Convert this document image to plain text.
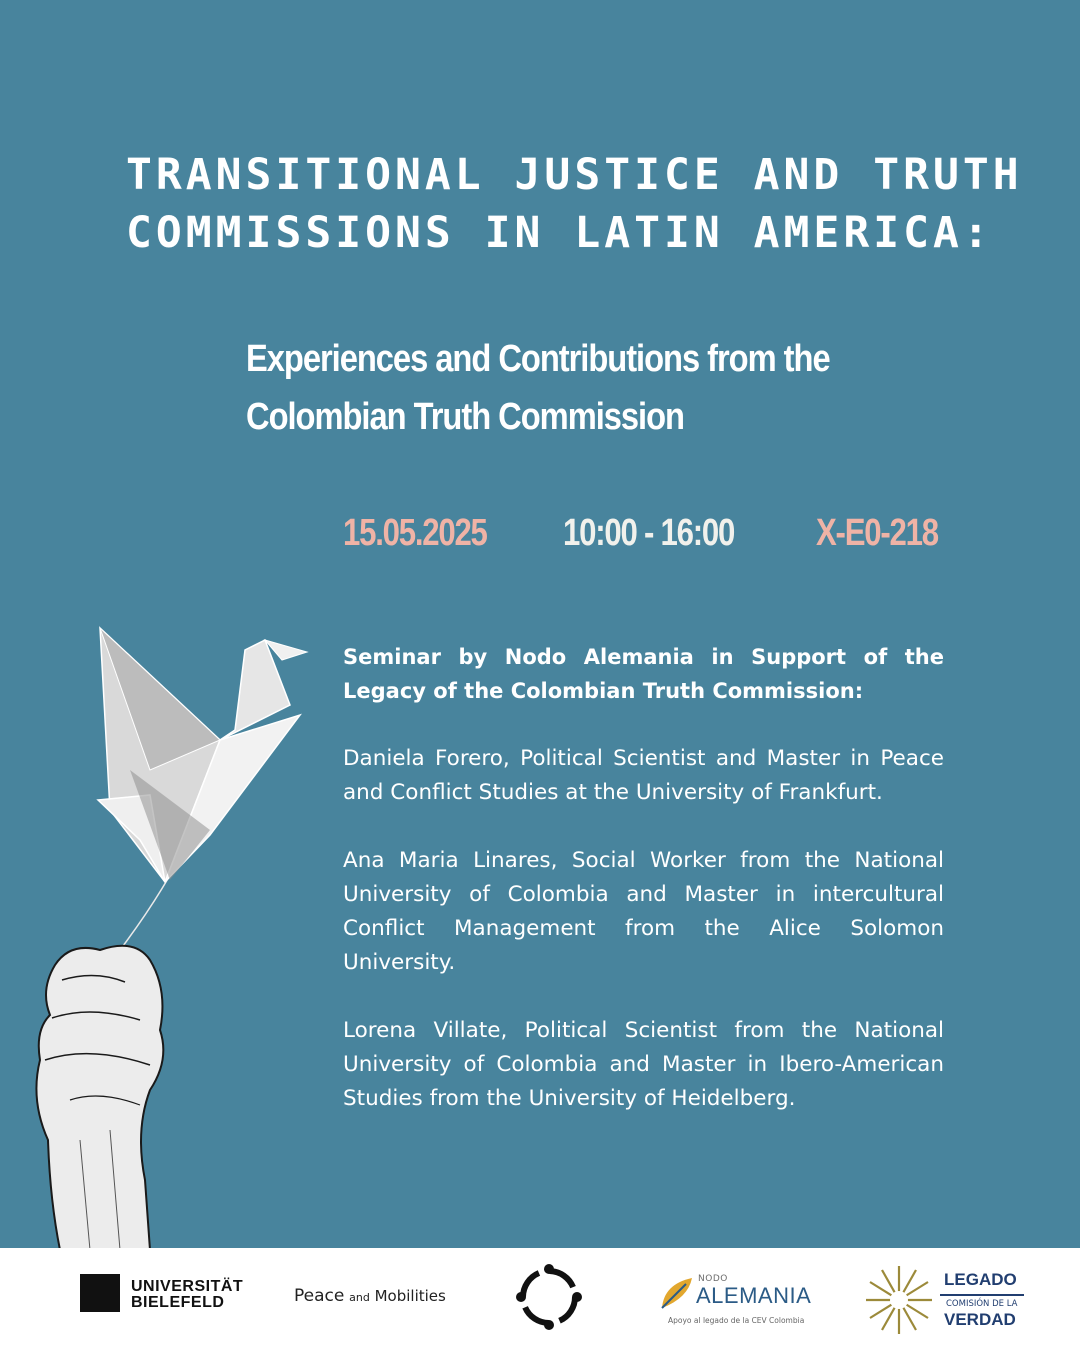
TRANSITIONAL JUSTICE AND TRUTH
COMMISSIONS IN LATIN AMERICA:
Experiences and Contributions from the
Colombian Truth Commission
15.05.2025 10:00 - 16:00 X-E0-218

Seminar by Nodo Alemania in Support of the Legacy of the Colombian Truth Commission:

Daniela Forero, Political Scientist and Master in Peace and Conflict Studies at the University of Frankfurt.

Ana Maria Linares, Social Worker from the National University of Colombia and Master in intercultural Conflict Management from the Alice Solomon University.

Lorena Villate, Political Scientist from the National University of Colombia and Master in Ibero-American Studies from the University of Heidelberg.

UNIVERSITÄT
BIELEFELD	Peace and Mobilities
NODO
ALEMANIA
Apoyo al legado de la CEV Colombia
LEGADO
COMISIÓN DE LA
VERDAD
